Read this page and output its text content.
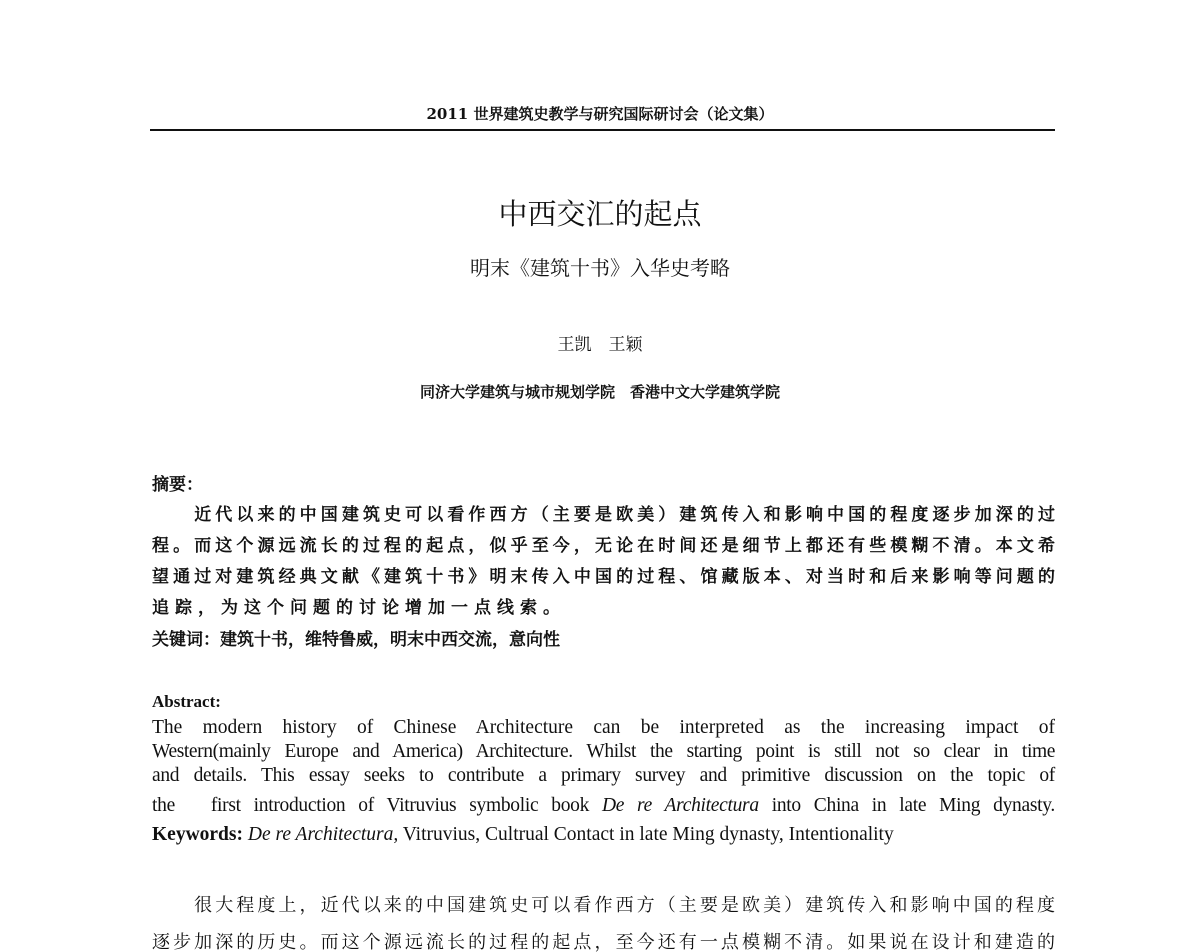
2011 世界建筑史教学与研究国际研讨会（论文集）
中西交汇的起点
明末《建筑十书》入华史考略
王凯　王颖
同济大学建筑与城市规划学院　香港中文大学建筑学院
摘要：
　　近代以来的中国建筑史可以看作西方（主要是欧美）建筑传入和影响中国的程度逐步加深的过
程。而这个源远流长的过程的起点，似乎至今，无论在时间还是细节上都还有些模糊不清。本文希
望通过对建筑经典文献《建筑十书》明末传入中国的过程、馆藏版本、对当时和后来影响等问题的
追踪，为这个问题的讨论增加一点线索。
关键词：建筑十书，维特鲁威，明末中西交流，意向性
Abstract:
The modern history of Chinese Architecture can be interpreted as the increasing impact of
Western(mainly Europe and America) Architecture. Whilst the starting point is still not so clear in time
and details. This essay seeks to contribute a primary survey and primitive discussion on the topic of
the　first introduction of Vitruvius symbolic book De re Architectura into China in late Ming dynasty.
Keywords: De re Architectura, Vitruvius, Cultrual Contact in late Ming dynasty, Intentionality
　　很大程度上，近代以来的中国建筑史可以看作西方（主要是欧美）建筑传入和影响中国的程度
逐步加深的历史。而这个源远流长的过程的起点，至今还有一点模糊不清。如果说在设计和建造的
